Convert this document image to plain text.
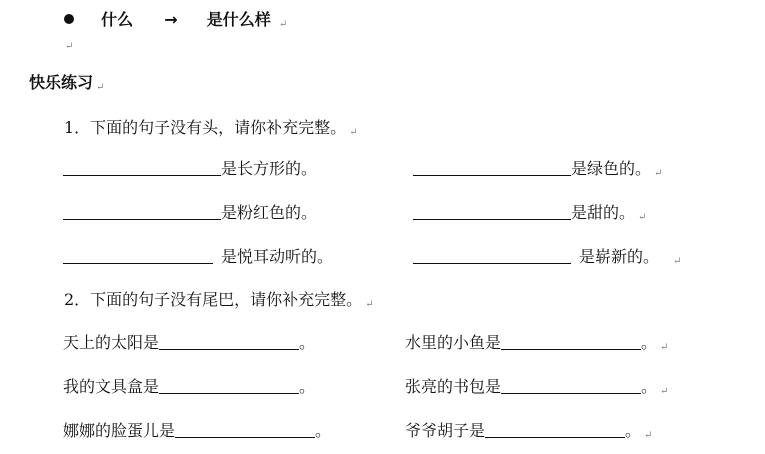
什么 → 是什么样 ↵
↵
快乐练习 ↵
1．下面的句子没有头，请你补充完整。 ↵
是长方形的。	是绿色的。 ↵
是粉红色的。	是甜的。 ↵
是悦耳动听的。	是崭新的。 ↵
2．下面的句子没有尾巴，请你补充完整。 ↵
天上的太阳是	。	水里的小鱼是	。 ↵
我的文具盒是	。	张亮的书包是	。 ↵
娜娜的脸蛋儿是	。	爷爷胡子是	。 ↵
